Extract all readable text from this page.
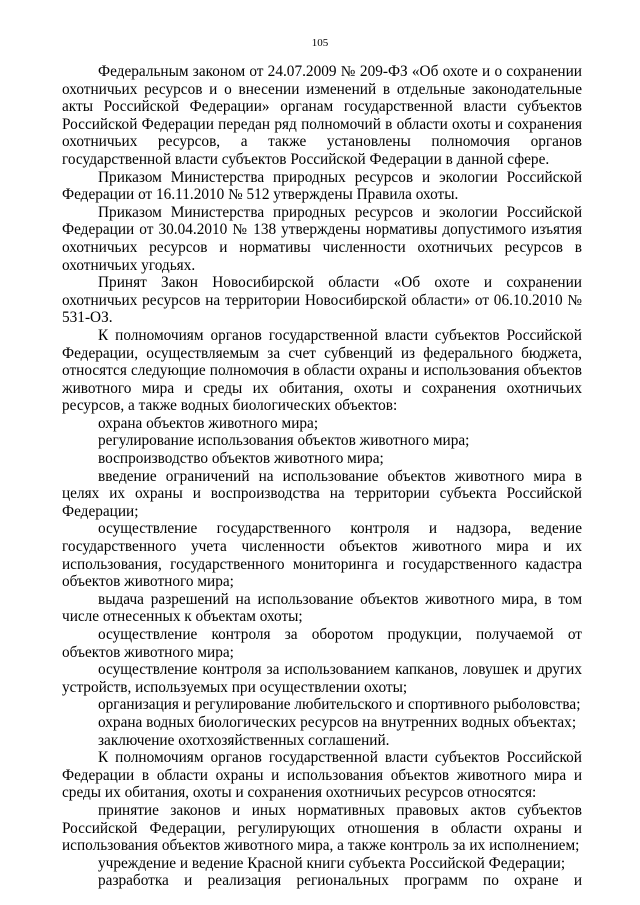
105

Федеральным законом от 24.07.2009 № 209-ФЗ «Об охоте и о сохранении охотничьих ресурсов и о внесении изменений в отдельные законодательные акты Российской Федерации» органам государственной власти субъектов Российской Федерации передан ряд полномочий в области охоты и сохранения охотничьих ресурсов, а также установлены полномочия органов государственной власти субъектов Российской Федерации в данной сфере.

Приказом Министерства природных ресурсов и экологии Российской Федерации от 16.11.2010 № 512 утверждены Правила охоты.

Приказом Министерства природных ресурсов и экологии Российской Федерации от 30.04.2010 № 138 утверждены нормативы допустимого изъятия охотничьих ресурсов и нормативы численности охотничьих ресурсов в охотничьих угодьях.

Принят Закон Новосибирской области «Об охоте и сохранении охотничьих ресурсов на территории Новосибирской области» от 06.10.2010 № 531-ОЗ.

К полномочиям органов государственной власти субъектов Российской Федерации, осуществляемым за счет субвенций из федерального бюджета, относятся следующие полномочия в области охраны и использования объектов животного мира и среды их обитания, охоты и сохранения охотничьих ресурсов, а также водных биологических объектов:

охрана объектов животного мира;

регулирование использования объектов животного мира;

воспроизводство объектов животного мира;

введение ограничений на использование объектов животного мира в целях их охраны и воспроизводства на территории субъекта Российской Федерации;

осуществление государственного контроля и надзора, ведение государственного учета численности объектов животного мира и их использования, государственного мониторинга и государственного кадастра объектов животного мира;

выдача разрешений на использование объектов животного мира, в том числе отнесенных к объектам охоты;

осуществление контроля за оборотом продукции, получаемой от объектов животного мира;

осуществление контроля за использованием капканов, ловушек и других устройств, используемых при осуществлении охоты;

организация и регулирование любительского и спортивного рыболовства;

охрана водных биологических ресурсов на внутренних водных объектах;

заключение охотхозяйственных соглашений.

К полномочиям органов государственной власти субъектов Российской Федерации в области охраны и использования объектов животного мира и среды их обитания, охоты и сохранения охотничьих ресурсов относятся:

принятие законов и иных нормативных правовых актов субъектов Российской Федерации, регулирующих отношения в области охраны и использования объектов животного мира, а также контроль за их исполнением;

учреждение и ведение Красной книги субъекта Российской Федерации;

разработка и реализация региональных программ по охране и
